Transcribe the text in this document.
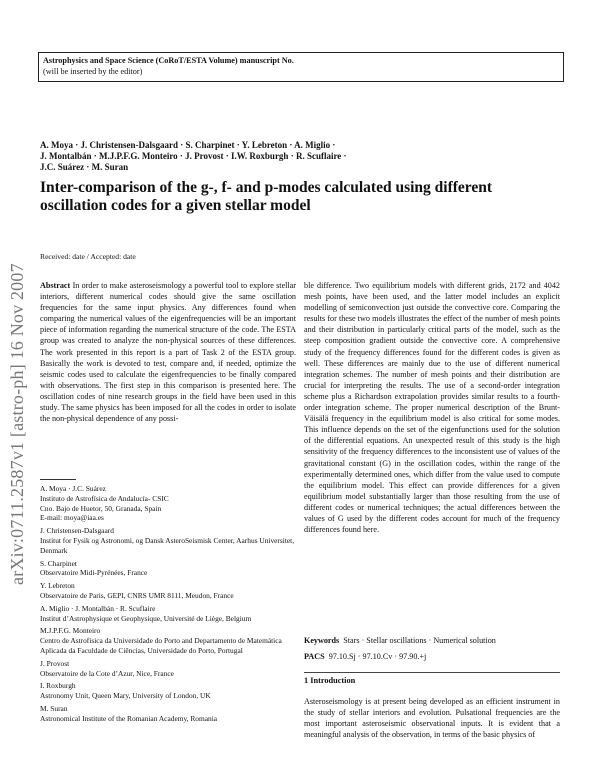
Astrophysics and Space Science (CoRoT/ESTA Volume) manuscript No.
(will be inserted by the editor)
arXiv:0711.2587v1 [astro-ph] 16 Nov 2007
A. Moya · J. Christensen-Dalsgaard · S. Charpinet · Y. Lebreton · A. Miglio ·
J. Montalbán · M.J.P.F.G. Monteiro · J. Provost · I.W. Roxburgh · R. Scuflaire ·
J.C. Suárez · M. Suran
Inter-comparison of the g-, f- and p-modes calculated using different
oscillation codes for a given stellar model
Received: date / Accepted: date

Abstract In order to make asteroseismology a powerful tool to explore stellar interiors, different numerical codes should give the same oscillation frequencies for the same input physics. Any differences found when comparing the numerical values of the eigenfrequencies will be an important piece of information regarding the numerical structure of the code. The ESTA group was created to analyze the non-physical sources of these differences. The work presented in this report is a part of Task 2 of the ESTA group. Basically the work is devoted to test, compare and, if needed, optimize the seismic codes used to calculate the eigenfrequencies to be finally compared with observations. The first step in this comparison is presented here. The oscillation codes of nine research groups in the field have been used in this study. The same physics has been imposed for all the codes in order to isolate the non-physical dependence of any possi-

A. Moya · J.C. Suárez
Instituto de Astrofísica de Andalucía- CSIC
Cno. Bajo de Huetor, 50, Granada, Spain
E-mail: moya@iaa.es
J. Christensen-Dalsgaard
Institut for Fysik og Astronomi, og Dansk AsteroSeismisk Center, Aarhus Universitet, Denmark
S. Charpinet
Observatoire Midi-Pyrénées, France
Y. Lebreton
Observatoire de Paris, GEPI, CNRS UMR 8111, Meudon, France
A. Miglio · J. Montalbán · R. Scuflaire
Institut d’Astrophysique et Geophysique, Université de Liège, Belgium
M.J.P.F.G. Monteiro
Centro de Astrofísica da Universidade do Porto and Departamento de Matemática Aplicada da Faculdade de Ciências, Universidade do Porto, Portugal
J. Provost
Observatoire de la Cote d’Azur, Nice, France
I. Roxburgh
Astronomy Unit, Queen Mary, University of London, UK
M. Suran
Astronomical Institute of the Romanian Academy, Romania

ble difference. Two equilibrium models with different grids, 2172 and 4042 mesh points, have been used, and the latter model includes an explicit modelling of semiconvection just outside the convective core. Comparing the results for these two models illustrates the effect of the number of mesh points and their distribution in particularly critical parts of the model, such as the steep composition gradient outside the convective core. A comprehensive study of the frequency differences found for the different codes is given as well. These differences are mainly due to the use of different numerical integration schemes. The number of mesh points and their distribution are crucial for interpreting the results. The use of a second-order integration scheme plus a Richardson extrapolation provides similar results to a fourth-order integration scheme. The proper numerical description of the Brunt-Väisälä frequency in the equilibrium model is also critical for some modes. This influence depends on the set of the eigenfunctions used for the solution of the differential equations. An unexpected result of this study is the high sensitivity of the frequency differences to the inconsistent use of values of the gravitational constant (G) in the oscillation codes, within the range of the experimentally determined ones, which differ from the value used to compute the equilibrium model. This effect can provide differences for a given equilibrium model substantially larger than those resulting from the use of different codes or numerical techniques; the actual differences between the values of G used by the different codes account for much of the frequency differences found here.

Keywords Stars · Stellar oscillations · Numerical solution
PACS 97.10.Sj · 97.10.Cv · 97.90.+j
1 Introduction
Asteroseismology is at present being developed as an efficient instrument in the study of stellar interiors and evolution. Pulsational frequencies are the most important asteroseismic observational inputs. It is evident that a meaningful analysis of the observation, in terms of the basic physics of
